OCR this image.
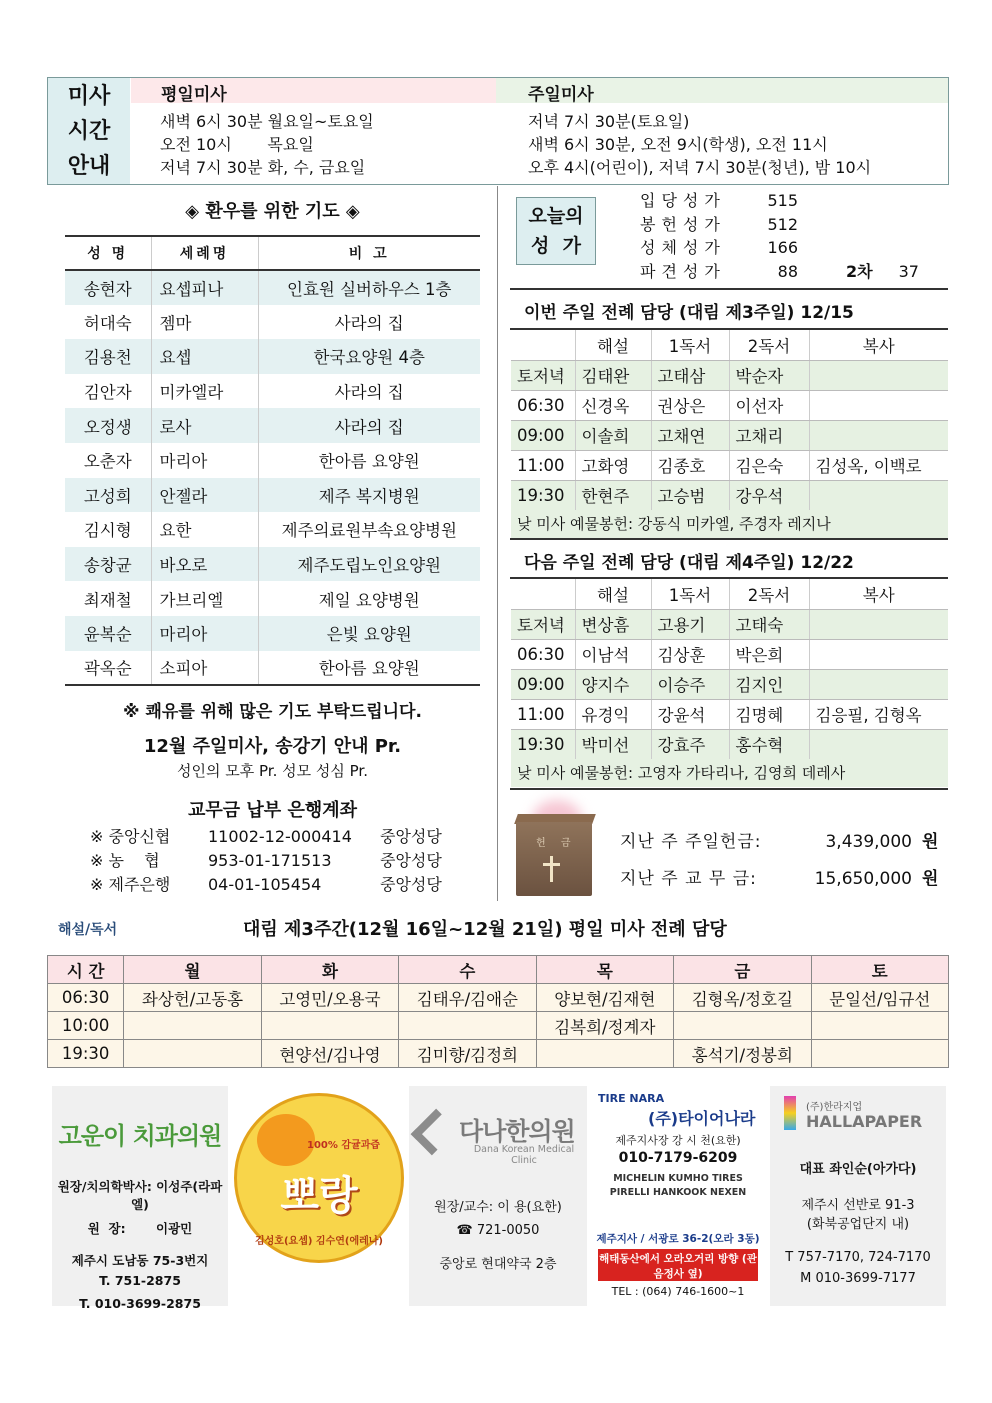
미사
시간
안내
평일미사	주일미사
새벽 6시 30분 월요일~토요일
오전 10시       목요일
저녁 7시 30분 화, 수, 금요일
저녁 7시 30분(토요일)
새벽 6시 30분, 오전 9시(학생), 오전 11시
오후 4시(어린이), 저녁 7시 30분(청년), 밤 10시
◈ 환우를 위한 기도 ◈
성 명	세례명	비 고
송현자	요셉피나	인효원 실버하우스 1층
허대숙	젬마	사라의 집
김용천	요셉	한국요양원 4층
김안자	미카엘라	사라의 집
오정생	로사	사라의 집
오춘자	마리아	한아름 요양원
고성희	안젤라	제주 복지병원
김시형	요한	제주의료원부속요양병원
송창균	바오로	제주도립노인요양원
최재철	가브리엘	제일 요양병원
윤복순	마리아	은빛 요양원
곽옥순	소피아	한아름 요양원
※ 쾌유를 위해 많은 기도 부탁드립니다.
12월 주일미사, 송강기 안내 Pr.
성인의 모후 Pr. 성모 성심 Pr.
교무금 납부 은행계좌
※ 중앙신협	11002-12-000414	중앙성당
※ 농    협	953-01-171513	중앙성당
※ 제주은행	04-01-105454	중앙성당
오늘의
성  가
입당성가	515
봉헌성가	512
성체성가	166
파견성가	88	2차 37
이번 주일 전례 담당 (대림 제3주일) 12/15
	해설	1독서	2독서	복사
토저녁	김태완	고태삼	박순자	
06:30	신경옥	권상은	이선자	
09:00	이솔희	고채연	고채리	
11:00	고화영	김종호	김은숙	김성옥, 이백로
19:30	한현주	고승범	강우석	
낮 미사 예물봉헌: 강동식 미카엘, 주경자 레지나
다음 주일 전례 담당 (대림 제4주일) 12/22
	해설	1독서	2독서	복사
토저녁	변상흠	고용기	고태숙	
06:30	이남석	김상훈	박은희	
09:00	양지수	이승주	김지인	
11:00	유경익	강윤석	김명혜	김응필, 김형옥
19:30	박미선	강효주	홍수혁	
낮 미사 예물봉헌: 고영자 가타리나, 김영희 데레사
헌 금	지난 주 주일헌금:	3,439,000 원
지난 주 교 무 금:	15,650,000 원
해설/독서	대림 제3주간(12월 16일~12월 21일) 평일 미사 전례 담당
시 간	월	화	수	목	금	토
06:30	좌상헌/고동홍	고영민/오용국	김태우/김애순	양보현/김재현	김형옥/정호길	문일선/임규선
10:00				김복희/정계자		
19:30		현양선/김나영	김미향/김정희		홍석기/정봉희	
고운이 치과의원
원장/치의학박사: 이성주(라파엘)
원  장:       이광민
제주시 도남동 75-3번지
T. 751-2875
T. 010-3699-2875
100% 감귤과즙
뽀랑
김성호(요셉) 김수연(에레나)
다나한의원
Dana Korean Medical Clinic
원장/교수: 이 용(요한)
☎ 721-0050
중앙로 현대약국 2층
TIRE NARA
(주)타이어나라
제주지사장 강 시 천(요한)
010-7179-6209
MICHELIN KUMHO TIRES PIRELLI HANKOOK NEXEN
제주지사 / 서광로 36-2(오라 3동)
해태동산에서 오라오거리 방향 (관음정사 옆)
TEL : (064) 746-1600~1
(주)한라지업
HALLAPAPER
대표 좌인순(아가다)
제주시 선반로 91-3
(화북공업단지 내)
T 757-7170, 724-7170
M 010-3699-7177
